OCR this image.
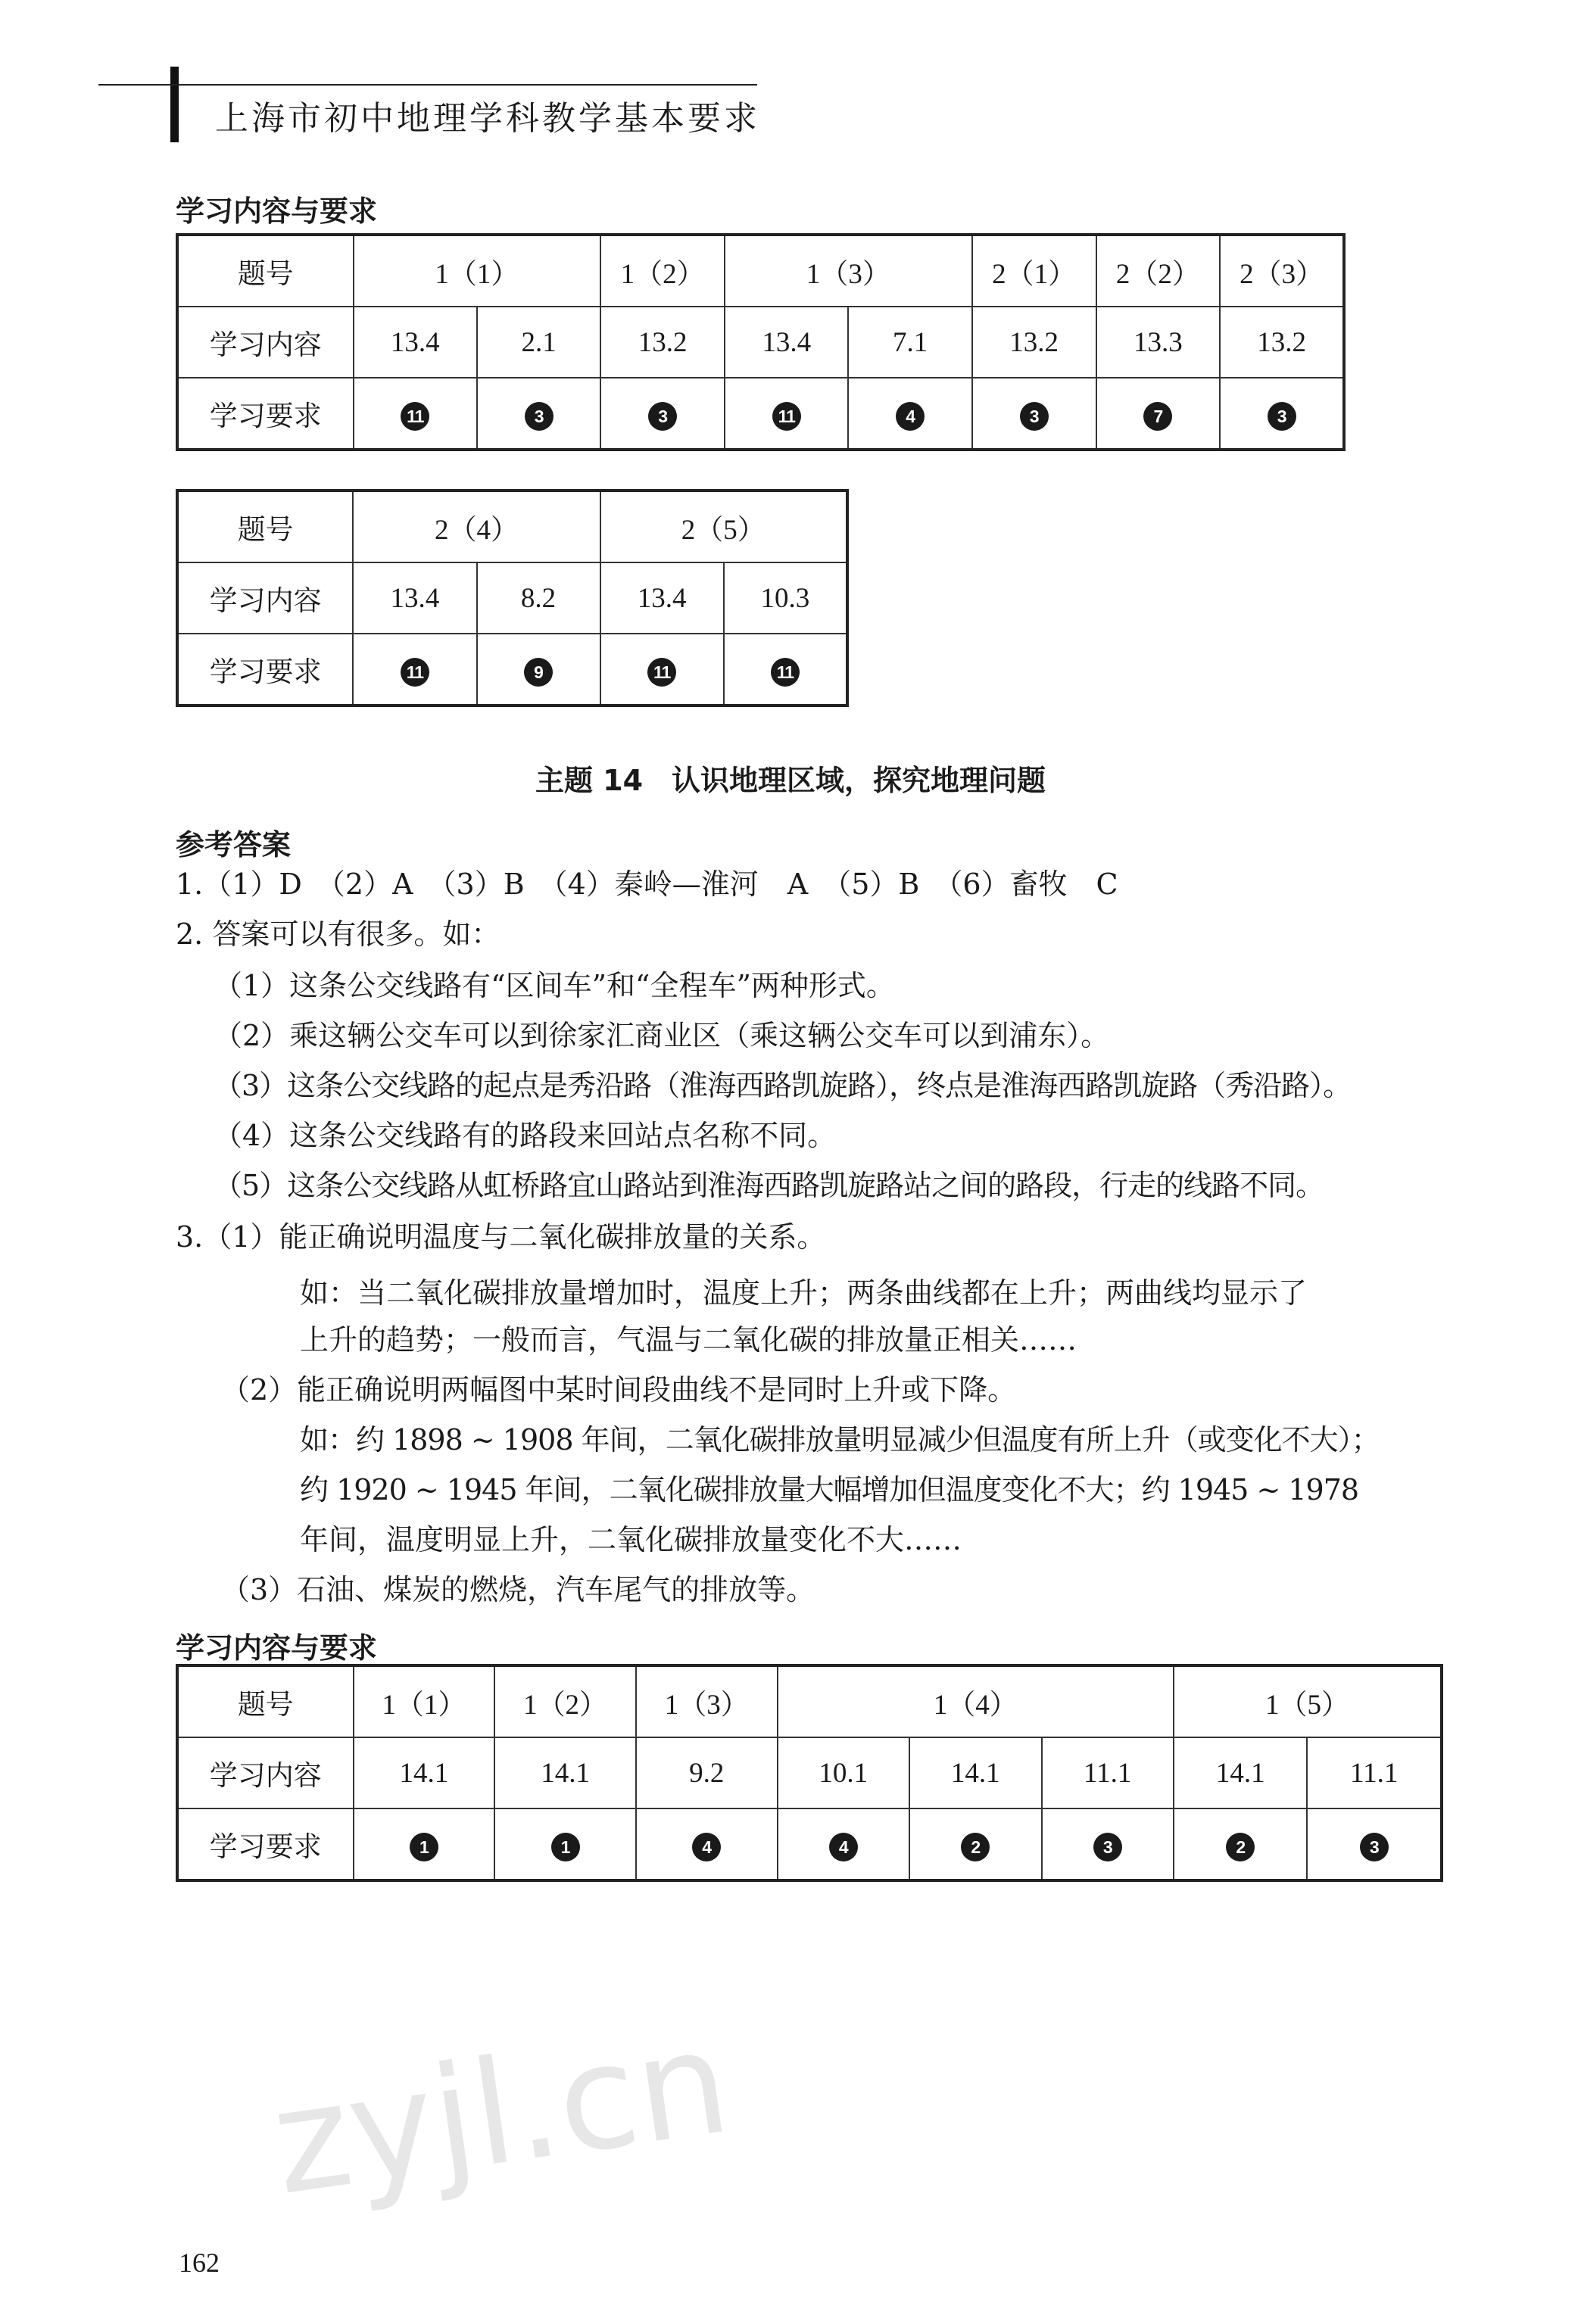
上海市初中地理学科教学基本要求
学习内容与要求
题号	1（1）		1（2）	1（3）		2（1）	2（2）	2（3）
学习内容	13.4	2.1	13.2	13.4	7.1	13.2	13.3	13.2
学习要求	11	3	3	11	4	3	7	3
题号	2（4）		2（5）	
学习内容	13.4	8.2	13.4	10.3
学习要求	11	9	11	11
主题 14　认识地理区域，探究地理问题
参考答案
1.（1）D　（2）A　（3）B　（4）秦岭—淮河　A　（5）B　（6）畜牧　C
2. 答案可以有很多。如：
（1）这条公交线路有“区间车”和“全程车”两种形式。
（2）乘这辆公交车可以到徐家汇商业区（乘这辆公交车可以到浦东）。
（3）这条公交线路的起点是秀沿路（淮海西路凯旋路），终点是淮海西路凯旋路（秀沿路）。
（4）这条公交线路有的路段来回站点名称不同。
（5）这条公交线路从虹桥路宜山路站到淮海西路凯旋路站之间的路段，行走的线路不同。
3.（1）能正确说明温度与二氧化碳排放量的关系。
如：当二氧化碳排放量增加时，温度上升；两条曲线都在上升；两曲线均显示了
上升的趋势；一般而言，气温与二氧化碳的排放量正相关……
（2）能正确说明两幅图中某时间段曲线不是同时上升或下降。
如：约 1898 ~ 1908 年间，二氧化碳排放量明显减少但温度有所上升（或变化不大）；
约 1920 ~ 1945 年间，二氧化碳排放量大幅增加但温度变化不大；约 1945 ~ 1978
年间，温度明显上升，二氧化碳排放量变化不大……
（3）石油、煤炭的燃烧，汽车尾气的排放等。
学习内容与要求
题号	1（1）	1（2）	1（3）	1（4）			1（5）	
学习内容	14.1	14.1	9.2	10.1	14.1	11.1	14.1	11.1
学习要求	1	1	4	4	2	3	2	3
zyjl.cn
162
